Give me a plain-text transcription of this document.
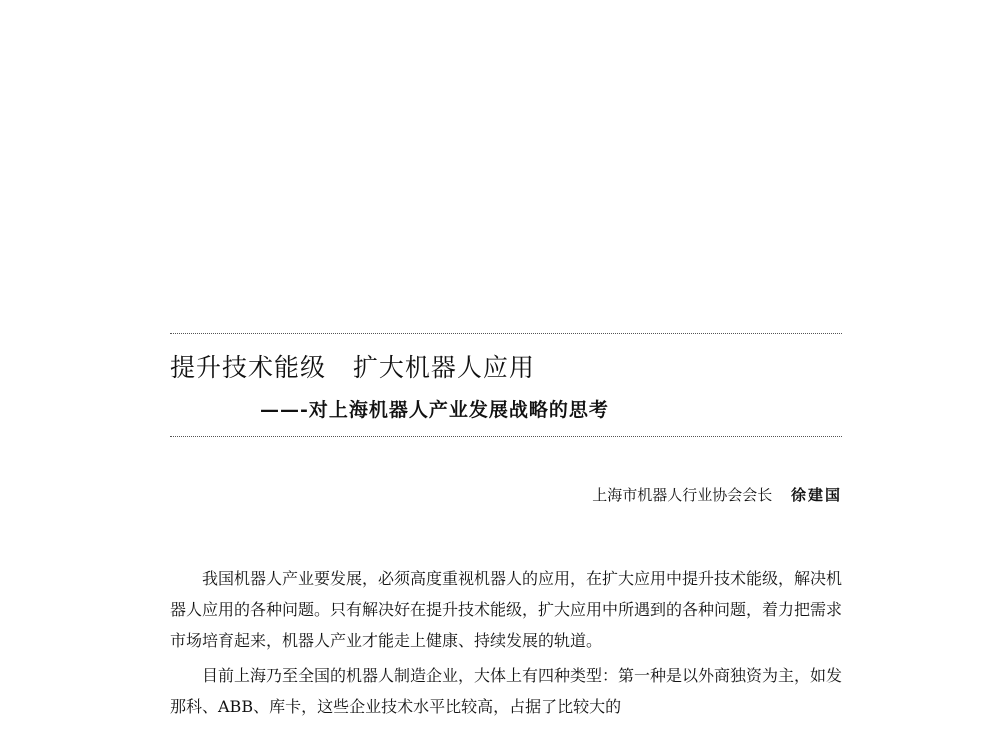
提升技术能级   扩大机器人应用
——-对上海机器人产业发展战略的思考
上海市机器人行业协会会长 徐建国

我国机器人产业要发展，必须高度重视机器人的应用，在扩大应用中提升技术能级，解决机器人应用的各种问题。只有解决好在提升技术能级，扩大应用中所遇到的各种问题，着力把需求市场培育起来，机器人产业才能走上健康、持续发展的轨道。

目前上海乃至全国的机器人制造企业，大体上有四种类型：第一种是以外商独资为主，如发那科、ABB、库卡，这些企业技术水平比较高，占据了比较大的
